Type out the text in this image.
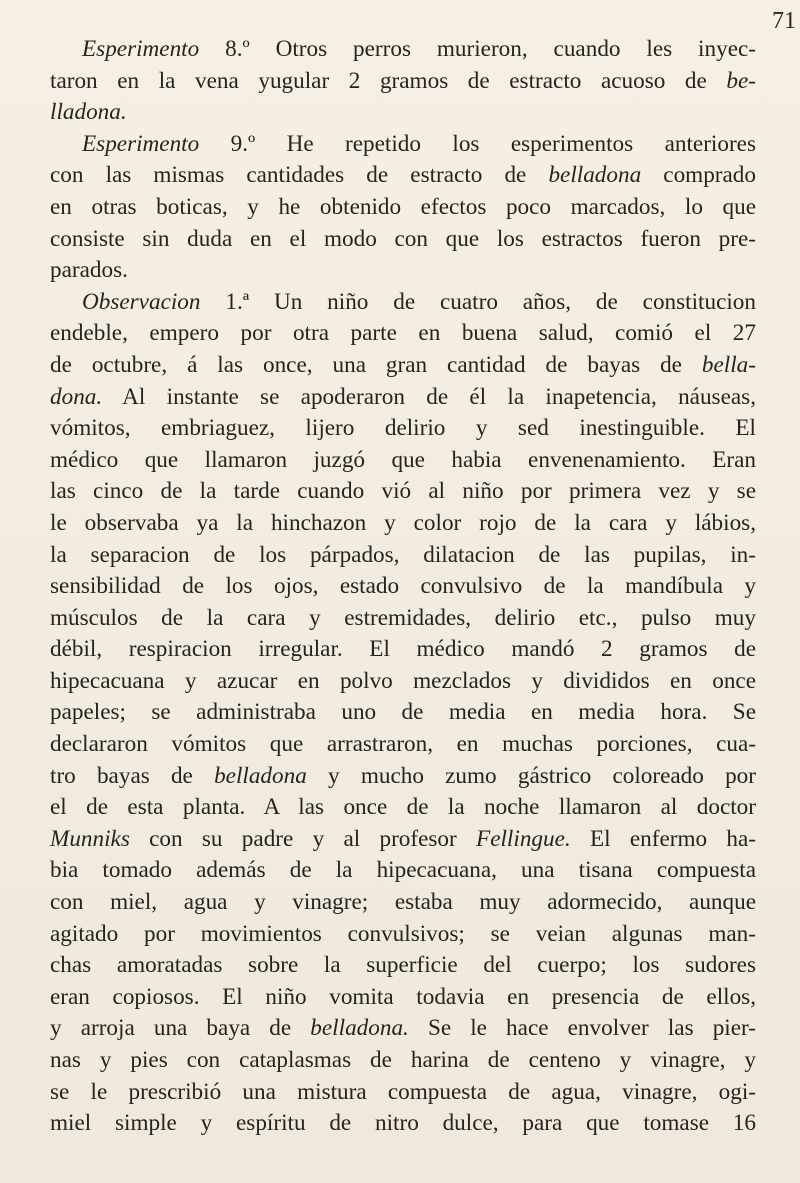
71
Esperimento 8.º Otros perros murieron, cuando les inyec-
taron en la vena yugular 2 gramos de estracto acuoso de be-
lladona.
Esperimento 9.º He repetido los esperimentos anteriores
con las mismas cantidades de estracto de belladona comprado
en otras boticas, y he obtenido efectos poco marcados, lo que
consiste sin duda en el modo con que los estractos fueron pre-
parados.
Observacion 1.ª Un niño de cuatro años, de constitucion
endeble, empero por otra parte en buena salud, comió el 27
de octubre, á las once, una gran cantidad de bayas de bella-
dona. Al instante se apoderaron de él la inapetencia, náuseas,
vómitos, embriaguez, lijero delirio y sed inestinguible. El
médico que llamaron juzgó que habia envenenamiento. Eran
las cinco de la tarde cuando vió al niño por primera vez y se
le observaba ya la hinchazon y color rojo de la cara y lábios,
la separacion de los párpados, dilatacion de las pupilas, in-
sensibilidad de los ojos, estado convulsivo de la mandíbula y
músculos de la cara y estremidades, delirio etc., pulso muy
débil, respiracion irregular. El médico mandó 2 gramos de
hipecacuana y azucar en polvo mezclados y divididos en once
papeles; se administraba uno de media en media hora. Se
declararon vómitos que arrastraron, en muchas porciones, cua-
tro bayas de belladona y mucho zumo gástrico coloreado por
el de esta planta. A las once de la noche llamaron al doctor
Munniks con su padre y al profesor Fellingue. El enfermo ha-
bia tomado además de la hipecacuana, una tisana compuesta
con miel, agua y vinagre; estaba muy adormecido, aunque
agitado por movimientos convulsivos; se veian algunas man-
chas amoratadas sobre la superficie del cuerpo; los sudores
eran copiosos. El niño vomita todavia en presencia de ellos,
y arroja una baya de belladona. Se le hace envolver las pier-
nas y pies con cataplasmas de harina de centeno y vinagre, y
se le prescribió una mistura compuesta de agua, vinagre, ogi-
miel simple y espíritu de nitro dulce, para que tomase 16
